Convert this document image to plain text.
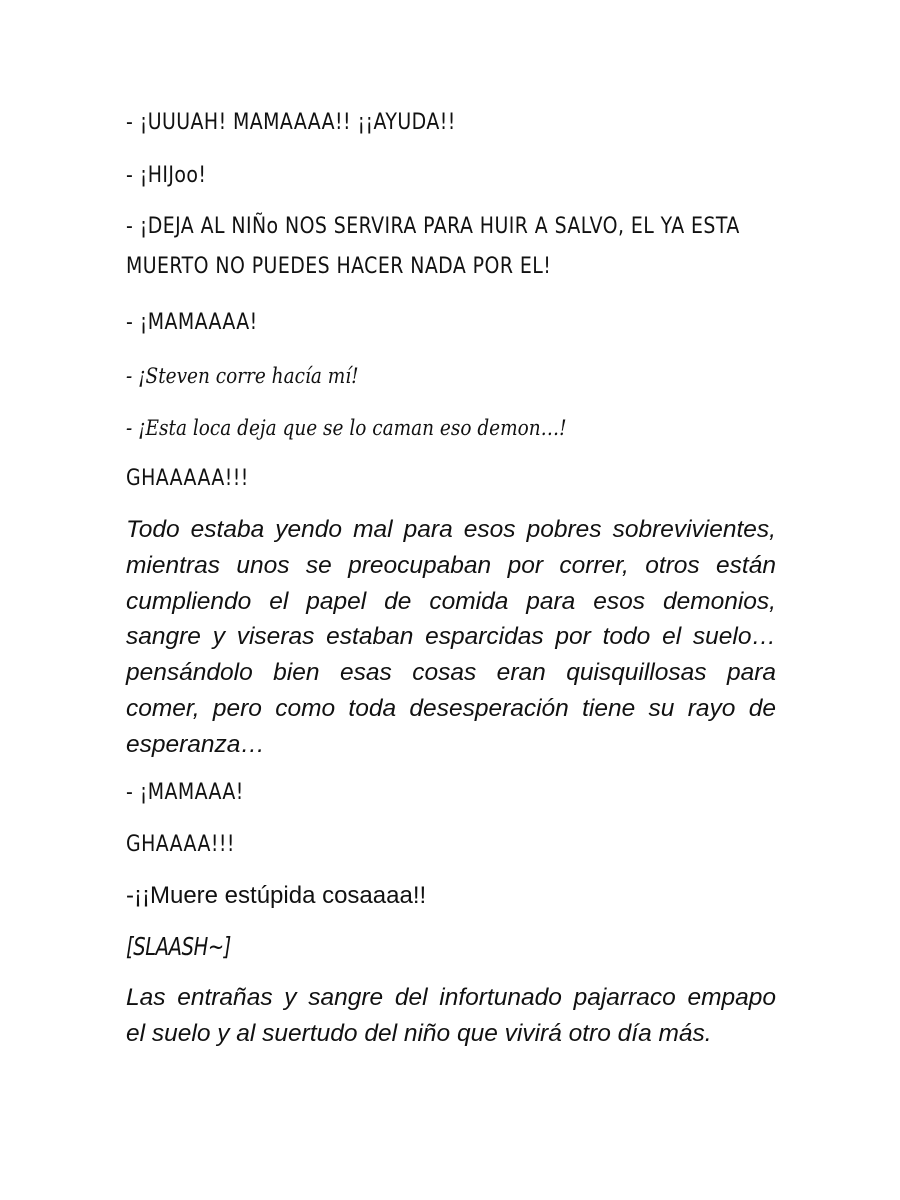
- ¡UUUAH! MAMAAAA!! ¡¡AYUDA!!

- ¡HIJoo!

- ¡DEJA AL NIÑo NOS SERVIRA PARA HUIR A SALVO, EL YA ESTA

MUERTO NO PUEDES HACER NADA POR EL!

- ¡MAMAAAA!

- ¡Steven corre hacía mí!

- ¡Esta loca deja que se lo caman eso demon…!

GHAAAAA!!!

Todo estaba yendo mal para esos pobres sobrevivientes,
mientras unos se preocupaban por correr, otros están
cumpliendo el papel de comida para esos demonios,
sangre y viseras estaban esparcidas por todo el suelo…
pensándolo bien esas cosas eran quisquillosas para
comer, pero como toda desesperación tiene su rayo de
esperanza…

- ¡MAMAAA!

GHAAAA!!!

-¡¡Muere estúpida cosaaaa!!

[SLAASH~]

Las entrañas y sangre del infortunado pajarraco empapo
el suelo y al suertudo del niño que vivirá otro día más.
